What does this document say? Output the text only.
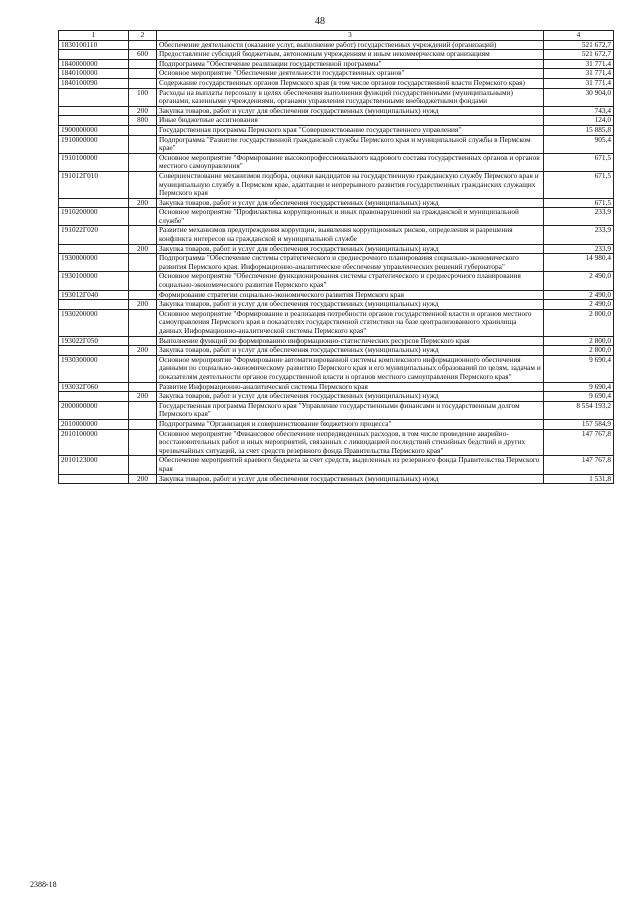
48
1	2	3	4
1830100110		Обеспечение деятельности (оказание услуг, выполнение работ) государственных учреждений (организаций)	521 672,7
	600	Предоставление субсидий бюджетным, автономным учреждениям и иным некоммерческим организациям	521 672,7
1840000000		Подпрограмма "Обеспечение реализации государственной программы"	31 771,4
1840100000		Основное мероприятие "Обеспечение деятельности государственных органов"	31 771,4
1840100090		Содержание государственных органов Пермского края (в том числе органов государственной власти Пермского края)	31 771,4
	100	Расходы на выплаты персоналу в целях обеспечения выполнения функций государственными (муниципальными) органами, казенными учреждениями, органами управления государственными внебюджетными фондами	30 904,0
	200	Закупка товаров, работ и услуг для обеспечения государственных (муниципальных) нужд	743,4
	800	Иные бюджетные ассигнования	124,0
1900000000		Государственная программа Пермского края "Совершенствование государственного управления"	15 885,8
1910000000		Подпрограмма "Развитие государственной гражданской службы Пермского края и муниципальной службы в Пермском крае"	905,4
1910100000		Основное мероприятие "Формирование высокопрофессионального кадрового состава государственных органов и органов местного самоуправления"	671,5
191012Г010		Совершенствование механизмов подбора, оценки кандидатов на государственную гражданскую службу Пермского края и муниципальную службу в Пермском крае, адаптации и непрерывного развития государственных гражданских служащих Пермского края	671,5
	200	Закупка товаров, работ и услуг для обеспечения государственных (муниципальных) нужд	671,5
1910200000		Основное мероприятие "Профилактика коррупционных и иных правонарушений на гражданской и муниципальной службе"	233,9
191022Г020		Развитие механизмов предупреждения коррупции, выявления коррупционных рисков, определения и разрешения конфликта интересов на гражданской и муниципальной службе	233,9
	200	Закупка товаров, работ и услуг для обеспечения государственных (муниципальных) нужд	233,9
1930000000		Подпрограмма "Обеспечение системы стратегического и среднесрочного планирования социально-экономического развития Пермского края. Информационно-аналитическое обеспечение управленческих решений губернатора"	14 980,4
1930100000		Основное мероприятие "Обеспечение функционирования системы стратегического и среднесрочного планирования социально-экономического развития Пермского края"	2 490,0
193012Г040		Формирование стратегии социально-экономического развития Пермского края	2 490,0
	200	Закупка товаров, работ и услуг для обеспечения государственных (муниципальных) нужд	2 490,0
1930200000		Основное мероприятие "Формирование и реализация потребности органов государственной власти и органов местного самоуправления Пермского края в показателях государственной статистики на базе централизованного хранилища данных Информационно-аналитической системы Пермского края"	2 800,0
193022Г050		Выполнение функций по формированию информационно-статистических ресурсов Пермского края	2 800,0
	200	Закупка товаров, работ и услуг для обеспечения государственных (муниципальных) нужд	2 800,0
1930300000		Основное мероприятие "Формирование автоматизированной системы комплексного информационного обеспечения данными по социально-экономическому развитию Пермского края и его муниципальных образований по целям, задачам и показателям деятельности органов государственной власти и органов местного самоуправления Пермского края"	9 690,4
193032Г060		Развитие Информационно-аналитической системы Пермского края	9 690,4
	200	Закупка товаров, работ и услуг для обеспечения государственных (муниципальных) нужд	9 690,4
2000000000		Государственная программа Пермского края "Управление государственными финансами и государственным долгом Пермского края"	8 554 193,2
2010000000		Подпрограмма "Организация и совершенствование бюджетного процесса"	157 584,9
2010100000		Основное мероприятие "Финансовое обеспечение непредвиденных расходов, в том числе проведение аварийно-восстановительных работ и иных мероприятий, связанных с ликвидацией последствий стихийных бедствий и других чрезвычайных ситуаций, за счет средств резервного фонда Правительства Пермского края"	147 767,8
2010123000		Обеспечение мероприятий краевого бюджета за счет средств, выделенных из резервного фонда Правительства Пермского края	147 767,8
	200	Закупка товаров, работ и услуг для обеспечения государственных (муниципальных) нужд	1 531,8
2388-18
